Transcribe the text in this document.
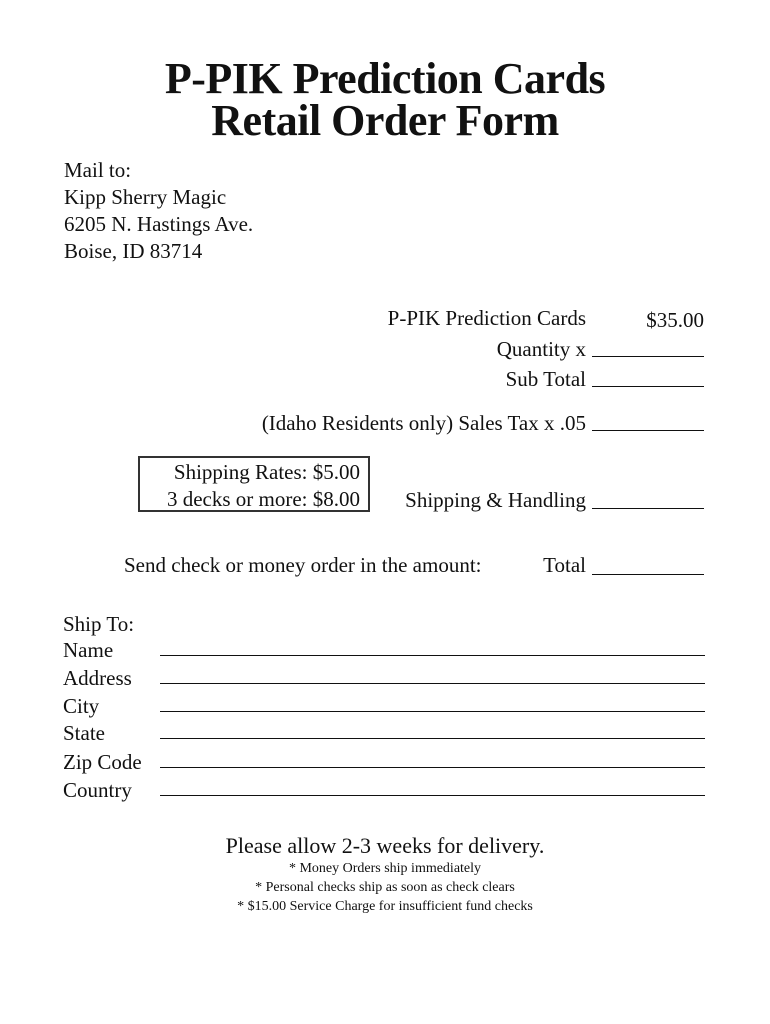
P-PIK Prediction Cards
Retail Order Form
Mail to:
Kipp Sherry Magic
6205 N. Hastings Ave.
Boise, ID 83714
P-PIK Prediction Cards	$35.00
Quantity x
Sub Total
(Idaho Residents only) Sales Tax x .05
Shipping Rates: $5.00
3 decks or more: $8.00 Shipping & Handling
Send check or money order in the amount:	Total
Ship To:
Name
Address
City
State
Zip Code
Country
Please allow 2-3 weeks for delivery.
* Money Orders ship immediately
* Personal checks ship as soon as check clears
* $15.00 Service Charge for insufficient fund checks
